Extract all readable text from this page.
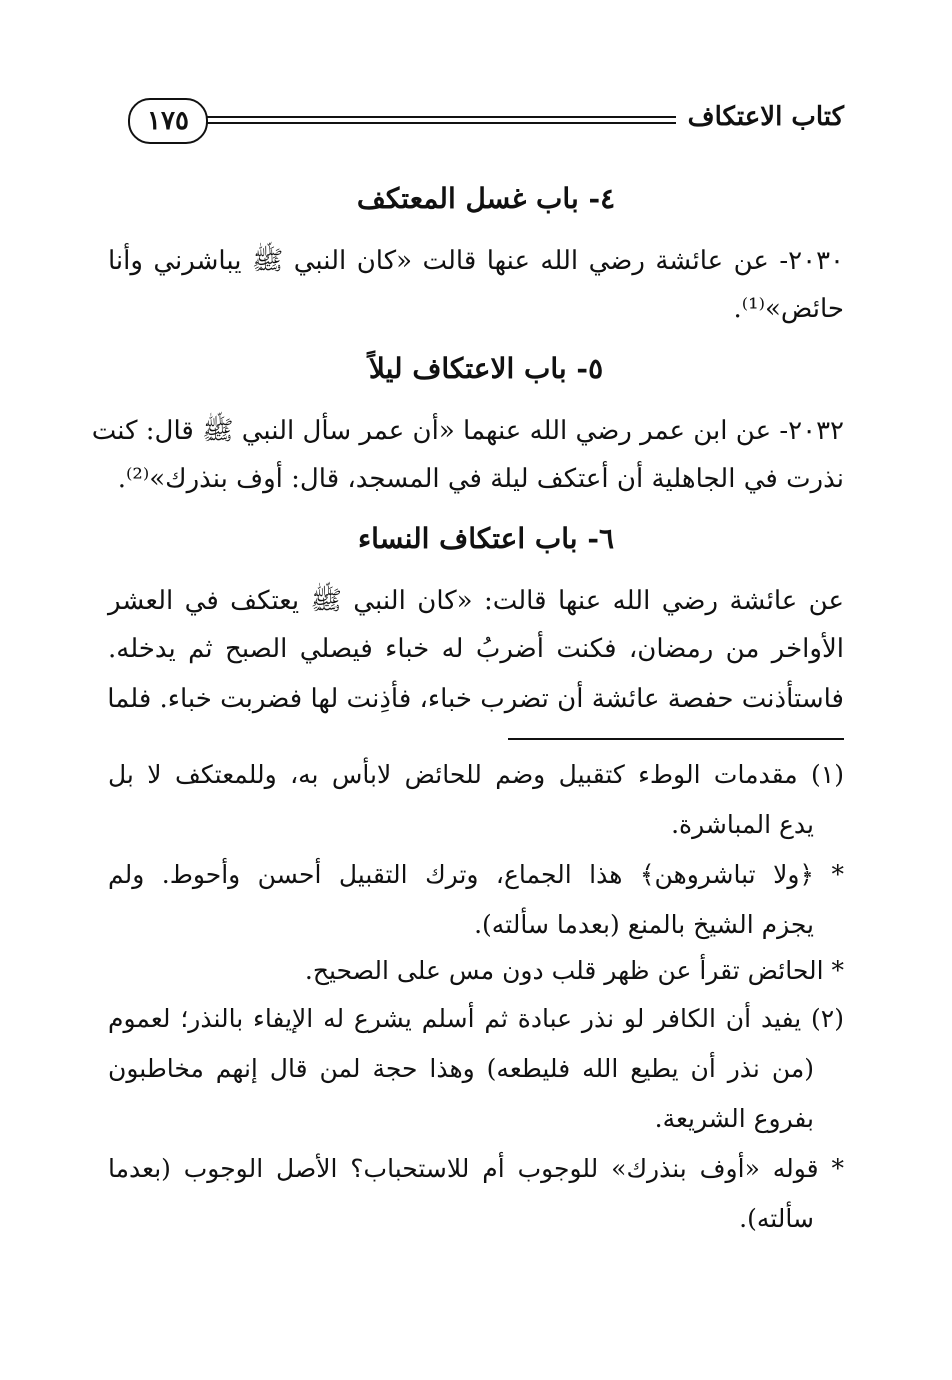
كتاب الاعتكاف
١٧٥
٤- باب غسل المعتكف
٢٠٣٠- عن عائشة رضي الله عنها قالت «كان النبي ﷺ يباشرني وأنا
حائض»⁽¹⁾.
٥- باب الاعتكاف ليلاً
٢٠٣٢- عن ابن عمر رضي الله عنهما «أن عمر سأل النبي ﷺ قال: كنت
نذرت في الجاهلية أن أعتكف ليلة في المسجد، قال: أوف بنذرك»⁽²⁾.
٦- باب اعتكاف النساء
عن عائشة رضي الله عنها قالت: «كان النبي ﷺ يعتكف في العشر
الأواخر من رمضان، فكنت أضربُ له خباء فيصلي الصبح ثم يدخله.
فاستأذنت حفصة عائشة أن تضرب خباء، فأذِنت لها فضربت خباء. فلما
(١) مقدمات الوطء كتقبيل وضم للحائض لابأس به، وللمعتكف لا بل
يدع المباشرة.
* ﴿ولا تباشروهن﴾ هذا الجماع، وترك التقبيل أحسن وأحوط. ولم
يجزم الشيخ بالمنع (بعدما سألته).
* الحائض تقرأ عن ظهر قلب دون مس على الصحيح.
(٢) يفيد أن الكافر لو نذر عبادة ثم أسلم يشرع له الإيفاء بالنذر؛ لعموم
(من نذر أن يطيع الله فليطعه) وهذا حجة لمن قال إنهم مخاطبون
بفروع الشريعة.
* قوله «أوف بنذرك» للوجوب أم للاستحباب؟ الأصل الوجوب (بعدما
سألته).
